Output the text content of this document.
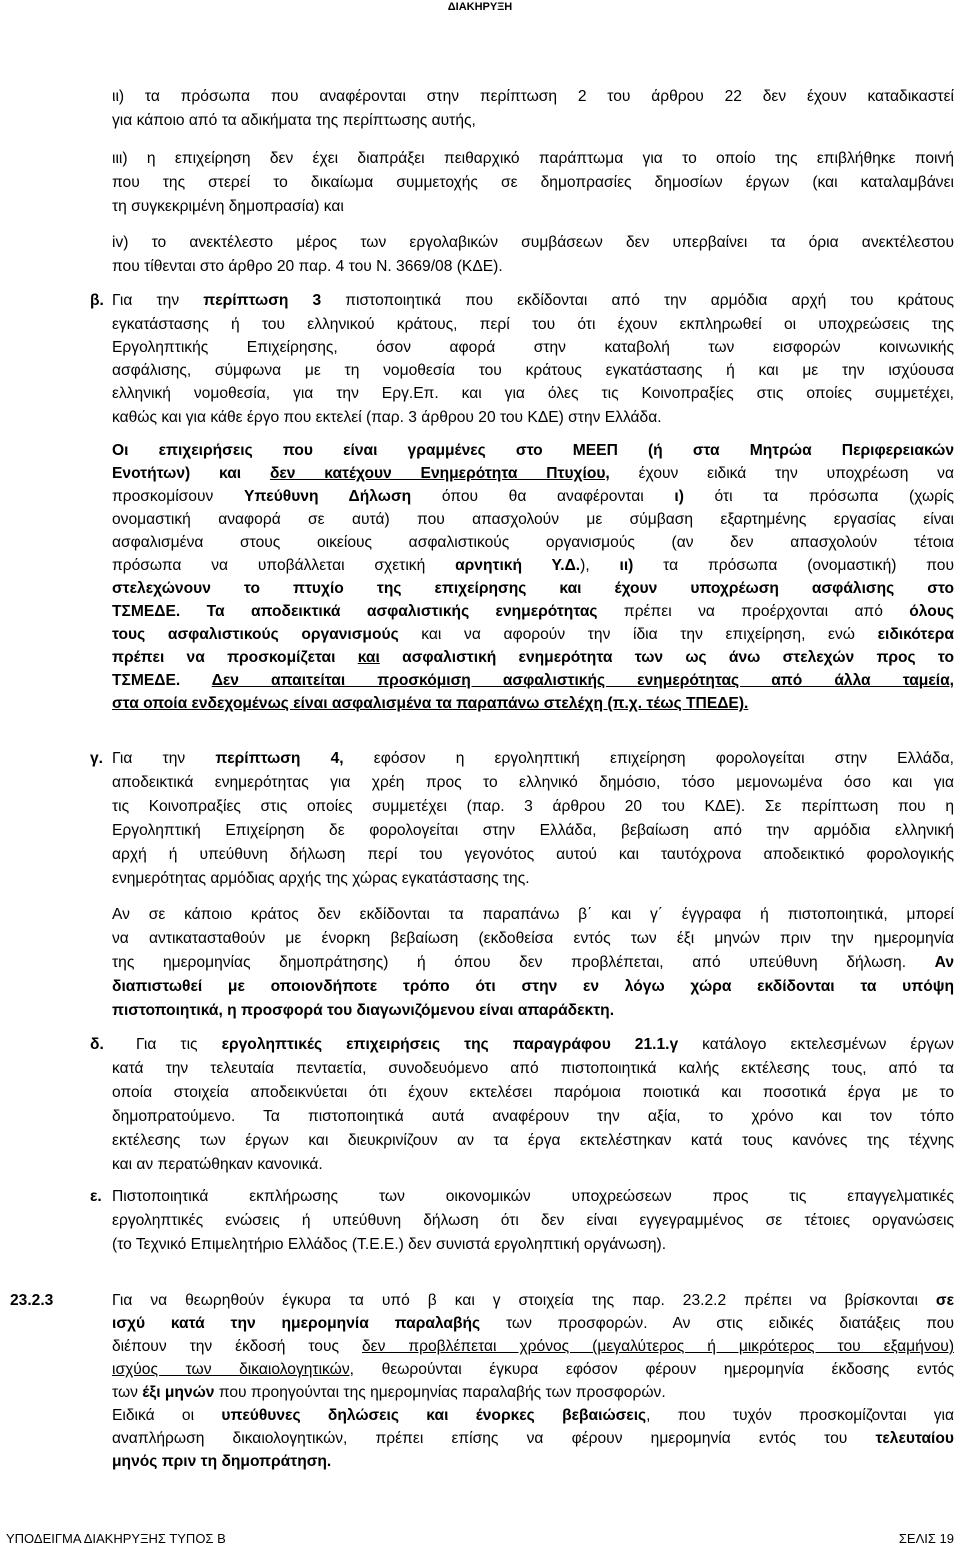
ΔΙΑΚΗΡΥΞΗ
ιι) τα πρόσωπα που αναφέρονται στην περίπτωση 2 του άρθρου 22 δεν έχουν καταδικαστεί
για κάποιο από τα αδικήματα της περίπτωσης αυτής,
ιιι) η επιχείρηση δεν έχει διαπράξει πειθαρχικό παράπτωμα για το οποίο της επιβλήθηκε ποινή
που της στερεί το δικαίωμα συμμετοχής σε δημοπρασίες δημοσίων έργων (και καταλαμβάνει
τη συγκεκριμένη δημοπρασία) και
iv) το ανεκτέλεστο μέρος των εργολαβικών συμβάσεων δεν υπερβαίνει τα όρια ανεκτέλεστου
που τίθενται στο άρθρο 20 παρ. 4 του Ν. 3669/08 (ΚΔΕ).
β. Για την περίπτωση 3 πιστοποιητικά που εκδίδονται από την αρμόδια αρχή του κράτους
εγκατάστασης ή του ελληνικού κράτους, περί του ότι έχουν εκπληρωθεί οι υποχρεώσεις της
Εργοληπτικής Επιχείρησης, όσον αφορά στην καταβολή των εισφορών κοινωνικής
ασφάλισης, σύμφωνα με τη νομοθεσία του κράτους εγκατάστασης ή και με την ισχύουσα
ελληνική νομοθεσία, για την Εργ.Επ. και για όλες τις Κοινοπραξίες στις οποίες συμμετέχει,
καθώς και για κάθε έργο που εκτελεί (παρ. 3 άρθρου 20 του ΚΔΕ) στην Ελλάδα.
Οι επιχειρήσεις που είναι γραμμένες στο ΜΕΕΠ (ή στα Μητρώα Περιφερειακών
Ενοτήτων) και δεν κατέχουν Ενημερότητα Πτυχίου, έχουν ειδικά την υποχρέωση να
προσκομίσουν Υπεύθυνη Δήλωση όπου θα αναφέρονται ι) ότι τα πρόσωπα (χωρίς
ονομαστική αναφορά σε αυτά) που απασχολούν με σύμβαση εξαρτημένης εργασίας είναι
ασφαλισμένα στους οικείους ασφαλιστικούς οργανισμούς (αν δεν απασχολούν τέτοια
πρόσωπα να υποβάλλεται σχετική αρνητική Υ.Δ.), ιι) τα πρόσωπα (ονομαστική) που
στελεχώνουν το πτυχίο της επιχείρησης και έχουν υποχρέωση ασφάλισης στο
ΤΣΜΕΔΕ. Τα αποδεικτικά ασφαλιστικής ενημερότητας πρέπει να προέρχονται από όλους
τους ασφαλιστικούς οργανισμούς και να αφορούν την ίδια την επιχείρηση, ενώ ειδικότερα
πρέπει να προσκομίζεται και ασφαλιστική ενημερότητα των ως άνω στελεχών προς το
ΤΣΜΕΔΕ. Δεν απαιτείται προσκόμιση ασφαλιστικής ενημερότητας από άλλα ταμεία,
στα οποία ενδεχομένως είναι ασφαλισμένα τα παραπάνω στελέχη (π.χ. τέως ΤΠΕΔΕ).
γ. Για την περίπτωση 4, εφόσον η εργοληπτική επιχείρηση φορολογείται στην Ελλάδα,
αποδεικτικά ενημερότητας για χρέη προς το ελληνικό δημόσιο, τόσο μεμονωμένα όσο και για
τις Κοινοπραξίες στις οποίες συμμετέχει (παρ. 3 άρθρου 20 του ΚΔΕ). Σε περίπτωση που η
Εργοληπτική Επιχείρηση δε φορολογείται στην Ελλάδα, βεβαίωση από την αρμόδια ελληνική
αρχή ή υπεύθυνη δήλωση περί του γεγονότος αυτού και ταυτόχρονα αποδεικτικό φορολογικής
ενημερότητας αρμόδιας αρχής της χώρας εγκατάστασης της.
Αν σε κάποιο κράτος δεν εκδίδονται τα παραπάνω β΄ και γ΄ έγγραφα ή πιστοποιητικά, μπορεί
να αντικατασταθούν με ένορκη βεβαίωση (εκδοθείσα εντός των έξι μηνών πριν την ημερομηνία
της ημερομηνίας δημοπράτησης) ή όπου δεν προβλέπεται, από υπεύθυνη δήλωση. Αν
διαπιστωθεί με οποιονδήποτε τρόπο ότι στην εν λόγω χώρα εκδίδονται τα υπόψη
πιστοποιητικά, η προσφορά του διαγωνιζόμενου είναι απαράδεκτη.
δ. Για τις εργοληπτικές επιχειρήσεις της παραγράφου 21.1.γ κατάλογο εκτελεσμένων έργων
κατά την τελευταία πενταετία, συνοδευόμενο από πιστοποιητικά καλής εκτέλεσης τους, από τα
οποία στοιχεία αποδεικνύεται ότι έχουν εκτελέσει παρόμοια ποιοτικά και ποσοτικά έργα με το
δημοπρατούμενο. Τα πιστοποιητικά αυτά αναφέρουν την αξία, το χρόνο και τον τόπο
εκτέλεσης των έργων και διευκρινίζουν αν τα έργα εκτελέστηκαν κατά τους κανόνες της τέχνης
και αν περατώθηκαν κανονικά.
ε. Πιστοποιητικά εκπλήρωσης των οικονομικών υποχρεώσεων προς τις επαγγελματικές
εργοληπτικές ενώσεις ή υπεύθυνη δήλωση ότι δεν είναι εγγεγραμμένος σε τέτοιες οργανώσεις
(το Τεχνικό Επιμελητήριο Ελλάδος (Τ.Ε.Ε.) δεν συνιστά εργοληπτική οργάνωση).
23.2.3	Για να θεωρηθούν έγκυρα τα υπό β και γ στοιχεία της παρ. 23.2.2 πρέπει να βρίσκονται σε
ισχύ κατά την ημερομηνία παραλαβής των προσφορών. Αν στις ειδικές διατάξεις που
διέπουν την έκδοσή τους δεν προβλέπεται χρόνος (μεγαλύτερος ή μικρότερος του εξαμήνου)
ισχύος των δικαιολογητικών, θεωρούνται έγκυρα εφόσον φέρουν ημερομηνία έκδοσης εντός
των έξι μηνών που προηγούνται της ημερομηνίας παραλαβής των προσφορών.
Ειδικά οι υπεύθυνες δηλώσεις και ένορκες βεβαιώσεις, που τυχόν προσκομίζονται για
αναπλήρωση δικαιολογητικών, πρέπει επίσης να φέρουν ημερομηνία εντός του τελευταίου
μηνός πριν τη δημοπράτηση.
ΥΠΟΔΕΙΓΜΑ ΔΙΑΚΗΡΥΞΗΣ ΤΥΠΟΣ Β	ΣΕΛΙΣ 19
